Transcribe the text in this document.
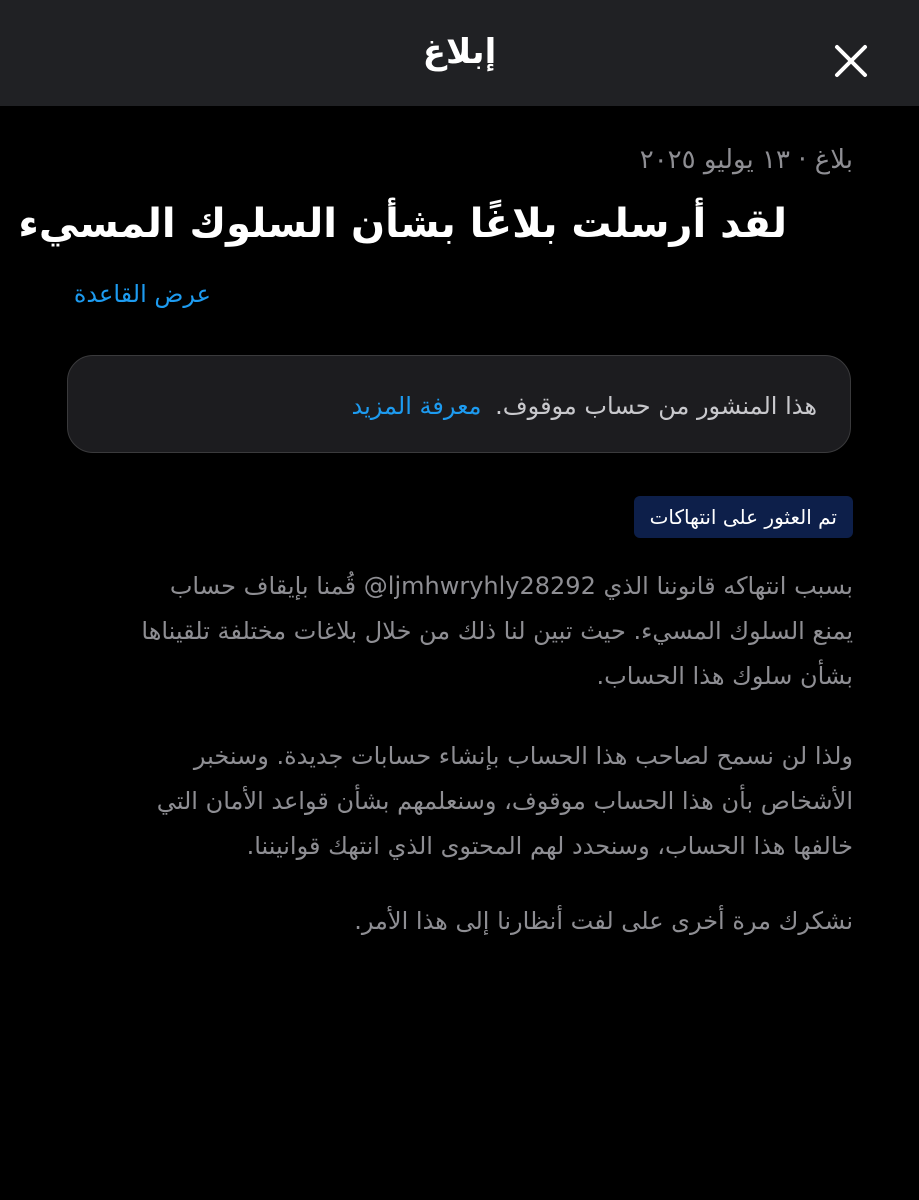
إبلاغ
بلاغ · ١٣ يوليو ٢٠٢٥
لقد أرسلت بلاغًا بشأن السلوك المسيء
عرض القاعدة
هذا المنشور من حساب موقوف. معرفة المزيد
تم العثور على انتهاكات
بسبب انتهاكه قانوننا الذي @ljmhwryhly28292 قُمنا بإيقاف حساب
يمنع السلوك المسيء. حيث تبين لنا ذلك من خلال بلاغات مختلفة تلقيناها
بشأن سلوك هذا الحساب.
ولذا لن نسمح لصاحب هذا الحساب بإنشاء حسابات جديدة. وسنخبر
الأشخاص بأن هذا الحساب موقوف، وسنعلمهم بشأن قواعد الأمان التي
خالفها هذا الحساب، وسنحدد لهم المحتوى الذي انتهك قوانيننا.
نشكرك مرة أخرى على لفت أنظارنا إلى هذا الأمر.
